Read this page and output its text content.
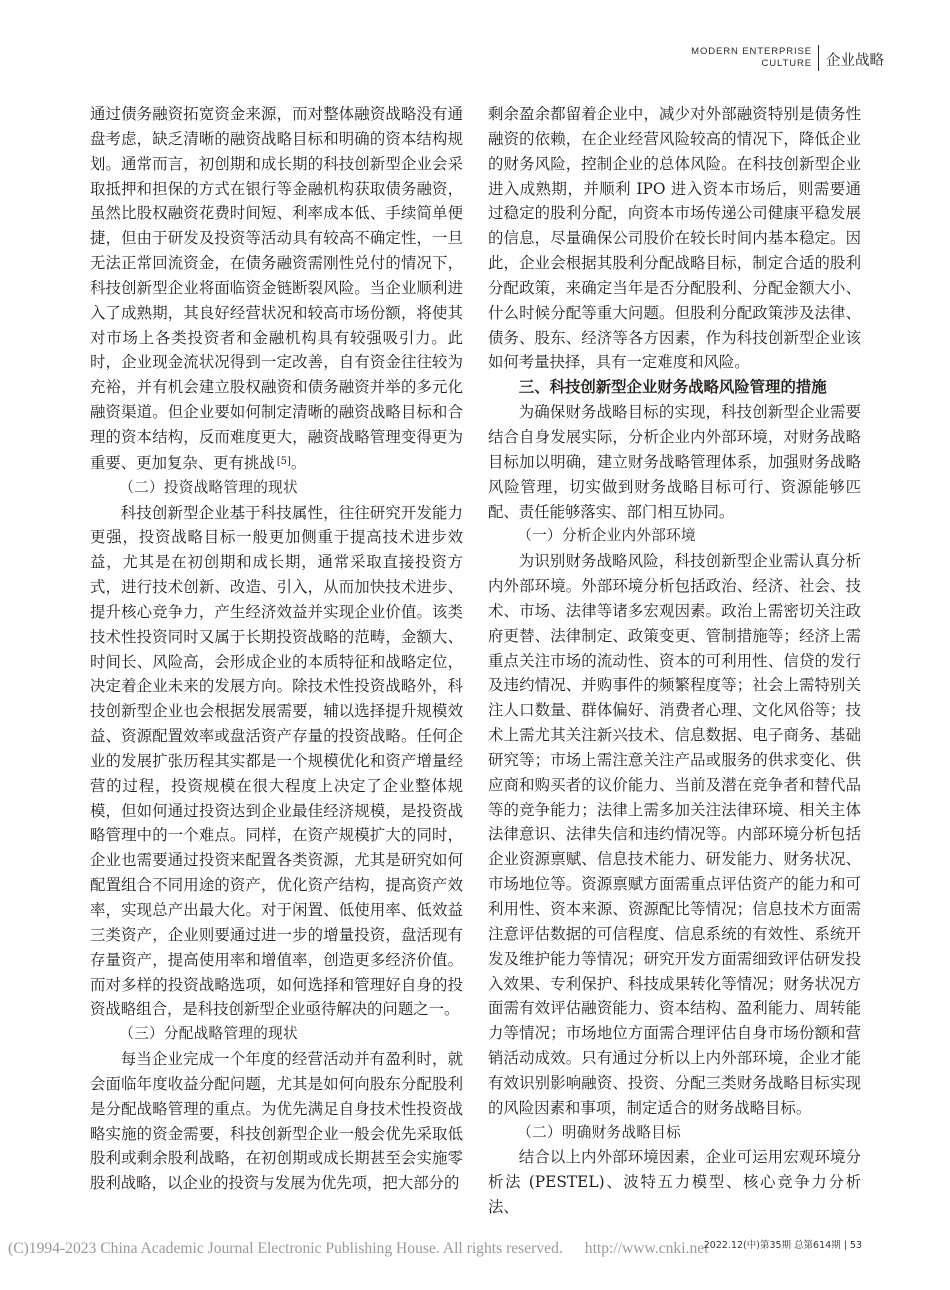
MODERN ENTERPRISE
CULTURE 企业战略

通过债务融资拓宽资金来源，而对整体融资战略没有通盘考虑，缺乏清晰的融资战略目标和明确的资本结构规划。通常而言，初创期和成长期的科技创新型企业会采取抵押和担保的方式在银行等金融机构获取债务融资，虽然比股权融资花费时间短、利率成本低、手续简单便捷，但由于研发及投资等活动具有较高不确定性，一旦无法正常回流资金，在债务融资需刚性兑付的情况下，科技创新型企业将面临资金链断裂风险。当企业顺利进入了成熟期，其良好经营状况和较高市场份额，将使其对市场上各类投资者和金融机构具有较强吸引力。此时，企业现金流状况得到一定改善，自有资金往往较为充裕，并有机会建立股权融资和债务融资并举的多元化融资渠道。但企业要如何制定清晰的融资战略目标和合理的资本结构，反而难度更大，融资战略管理变得更为重要、更加复杂、更有挑战 [5]。

（二）投资战略管理的现状

科技创新型企业基于科技属性，往往研究开发能力更强，投资战略目标一般更加侧重于提高技术进步效益，尤其是在初创期和成长期，通常采取直接投资方式，进行技术创新、改造、引入，从而加快技术进步、提升核心竞争力，产生经济效益并实现企业价值。该类技术性投资同时又属于长期投资战略的范畴，金额大、时间长、风险高，会形成企业的本质特征和战略定位，决定着企业未来的发展方向。除技术性投资战略外，科技创新型企业也会根据发展需要，辅以选择提升规模效益、资源配置效率或盘活资产存量的投资战略。任何企业的发展扩张历程其实都是一个规模优化和资产增量经营的过程，投资规模在很大程度上决定了企业整体规模，但如何通过投资达到企业最佳经济规模，是投资战略管理中的一个难点。同样，在资产规模扩大的同时，企业也需要通过投资来配置各类资源，尤其是研究如何配置组合不同用途的资产，优化资产结构，提高资产效率，实现总产出最大化。对于闲置、低使用率、低效益三类资产，企业则要通过进一步的增量投资，盘活现有存量资产，提高使用率和增值率，创造更多经济价值。而对多样的投资战略选项，如何选择和管理好自身的投资战略组合，是科技创新型企业亟待解决的问题之一。

（三）分配战略管理的现状

每当企业完成一个年度的经营活动并有盈利时，就会面临年度收益分配问题，尤其是如何向股东分配股利是分配战略管理的重点。为优先满足自身技术性投资战略实施的资金需要，科技创新型企业一般会优先采取低股利或剩余股利战略，在初创期或成长期甚至会实施零股利战略，以企业的投资与发展为优先项，把大部分的

剩余盈余都留着企业中，减少对外部融资特别是债务性融资的依赖，在企业经营风险较高的情况下，降低企业的财务风险，控制企业的总体风险。在科技创新型企业进入成熟期，并顺利 IPO 进入资本市场后，则需要通过稳定的股利分配，向资本市场传递公司健康平稳发展的信息，尽量确保公司股价在较长时间内基本稳定。因此，企业会根据其股利分配战略目标，制定合适的股利分配政策，来确定当年是否分配股利、分配金额大小、什么时候分配等重大问题。但股利分配政策涉及法律、债务、股东、经济等各方因素，作为科技创新型企业该如何考量抉择，具有一定难度和风险。

三、科技创新型企业财务战略风险管理的措施

为确保财务战略目标的实现，科技创新型企业需要结合自身发展实际，分析企业内外部环境，对财务战略目标加以明确，建立财务战略管理体系，加强财务战略风险管理，切实做到财务战略目标可行、资源能够匹配、责任能够落实、部门相互协同。

（一）分析企业内外部环境

为识别财务战略风险，科技创新型企业需认真分析内外部环境。外部环境分析包括政治、经济、社会、技术、市场、法律等诸多宏观因素。政治上需密切关注政府更替、法律制定、政策变更、管制措施等；经济上需重点关注市场的流动性、资本的可利用性、信贷的发行及违约情况、并购事件的频繁程度等；社会上需特别关注人口数量、群体偏好、消费者心理、文化风俗等；技术上需尤其关注新兴技术、信息数据、电子商务、基础研究等；市场上需注意关注产品或服务的供求变化、供应商和购买者的议价能力、当前及潜在竞争者和替代品等的竞争能力；法律上需多加关注法律环境、相关主体法律意识、法律失信和违约情况等。内部环境分析包括企业资源禀赋、信息技术能力、研发能力、财务状况、市场地位等。资源禀赋方面需重点评估资产的能力和可利用性、资本来源、资源配比等情况；信息技术方面需注意评估数据的可信程度、信息系统的有效性、系统开发及维护能力等情况；研究开发方面需细致评估研发投入效果、专利保护、科技成果转化等情况；财务状况方面需有效评估融资能力、资本结构、盈利能力、周转能力等情况；市场地位方面需合理评估自身市场份额和营销活动成效。只有通过分析以上内外部环境，企业才能有效识别影响融资、投资、分配三类财务战略目标实现的风险因素和事项，制定适合的财务战略目标。

（二）明确财务战略目标

结合以上内外部环境因素，企业可运用宏观环境分析法 (PESTEL)、波特五力模型、核心竞争力分析法、

(C)1994-2023 China Academic Journal Electronic Publishing House. All rights reserved. http://www.cnki.net
2022.12(中)第35期 总第614期 | 53
